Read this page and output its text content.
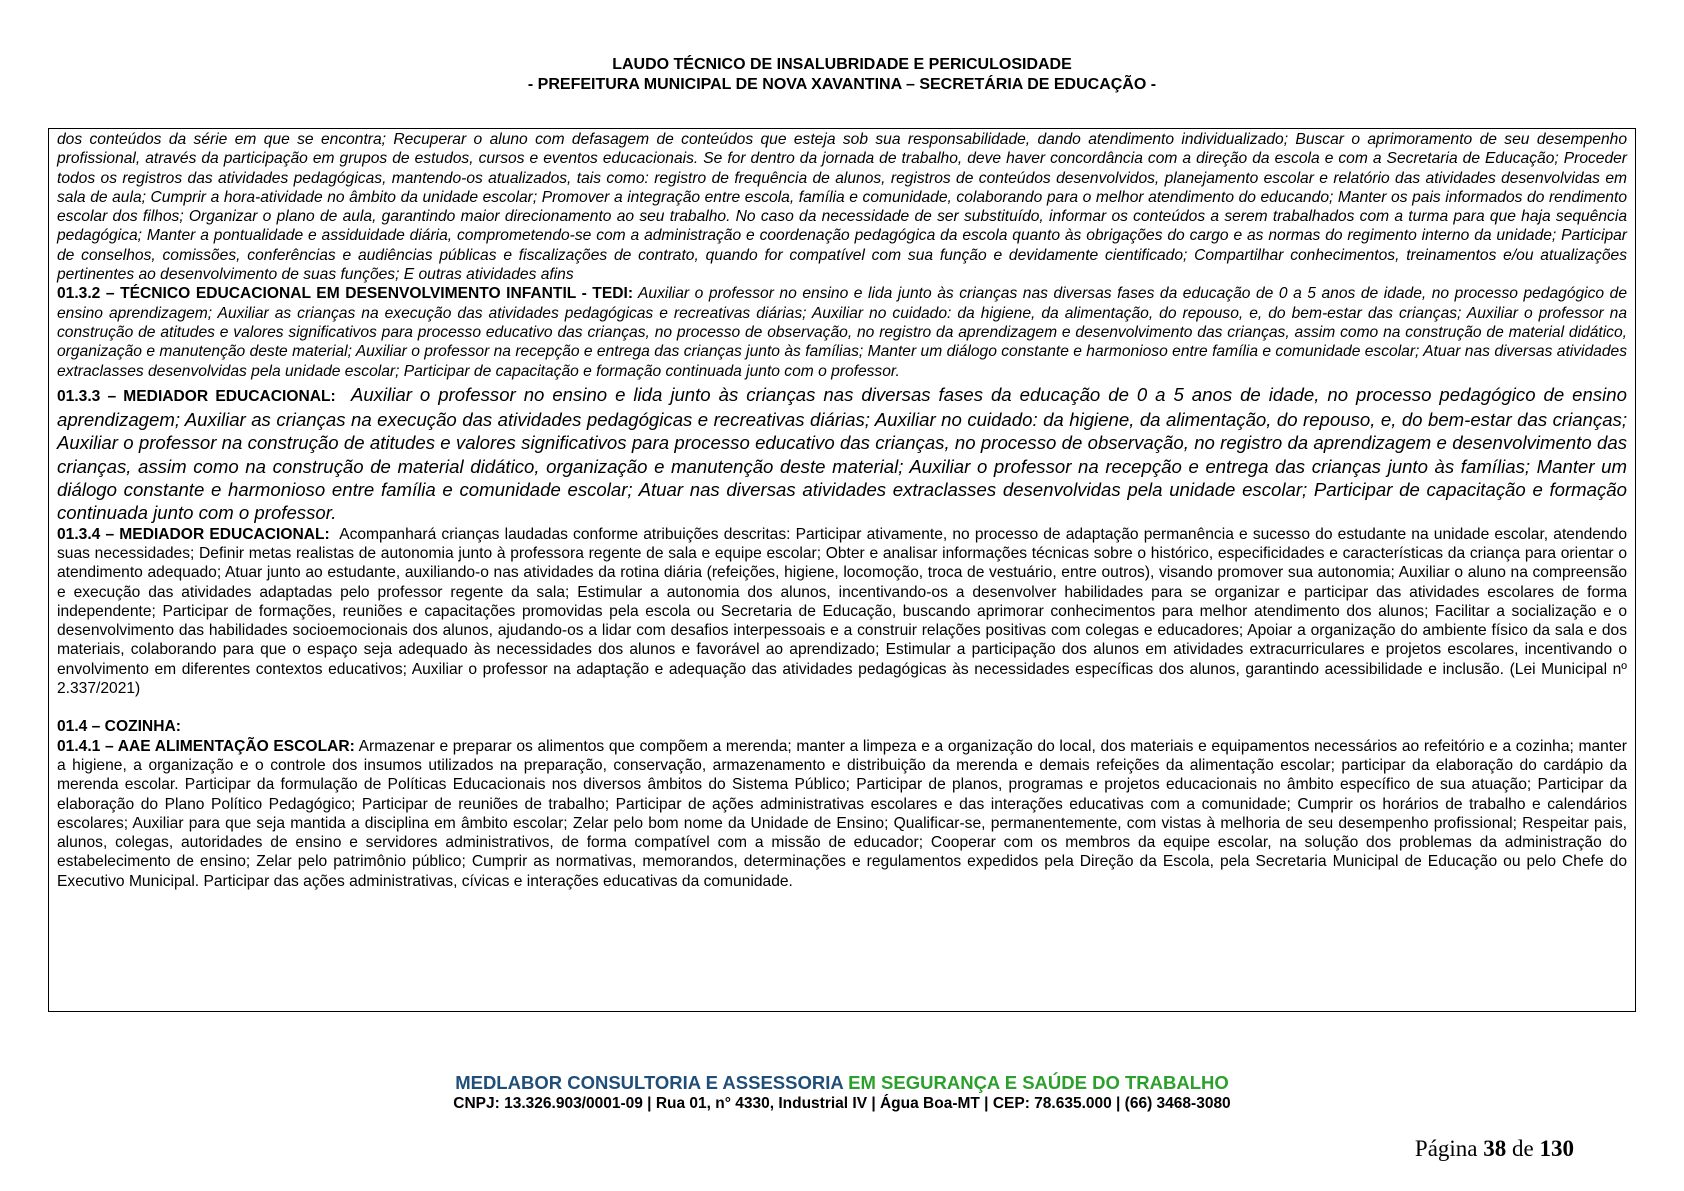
LAUDO TÉCNICO DE INSALUBRIDADE E PERICULOSIDADE
- PREFEITURA MUNICIPAL DE NOVA XAVANTINA – SECRETÁRIA DE EDUCAÇÃO -

dos conteúdos da série em que se encontra; Recuperar o aluno com defasagem de conteúdos que esteja sob sua responsabilidade, dando atendimento individualizado; Buscar o aprimoramento de seu desempenho profissional, através da participação em grupos de estudos, cursos e eventos educacionais. Se for dentro da jornada de trabalho, deve haver concordância com a direção da escola e com a Secretaria de Educação; Proceder todos os registros das atividades pedagógicas, mantendo-os atualizados, tais como: registro de frequência de alunos, registros de conteúdos desenvolvidos, planejamento escolar e relatório das atividades desenvolvidas em sala de aula; Cumprir a hora-atividade no âmbito da unidade escolar; Promover a integração entre escola, família e comunidade, colaborando para o melhor atendimento do educando; Manter os pais informados do rendimento escolar dos filhos; Organizar o plano de aula, garantindo maior direcionamento ao seu trabalho. No caso da necessidade de ser substituído, informar os conteúdos a serem trabalhados com a turma para que haja sequência pedagógica; Manter a pontualidade e assiduidade diária, comprometendo-se com a administração e coordenação pedagógica da escola quanto às obrigações do cargo e as normas do regimento interno da unidade; Participar de conselhos, comissões, conferências e audiências públicas e fiscalizações de contrato, quando for compatível com sua função e devidamente cientificado; Compartilhar conhecimentos, treinamentos e/ou atualizações pertinentes ao desenvolvimento de suas funções; E outras atividades afins

01.3.2 – TÉCNICO EDUCACIONAL EM DESENVOLVIMENTO INFANTIL - TEDI: Auxiliar o professor no ensino e lida junto às crianças nas diversas fases da educação de 0 a 5 anos de idade, no processo pedagógico de ensino aprendizagem; Auxiliar as crianças na execução das atividades pedagógicas e recreativas diárias; Auxiliar no cuidado: da higiene, da alimentação, do repouso, e, do bem-estar das crianças; Auxiliar o professor na construção de atitudes e valores significativos para processo educativo das crianças, no processo de observação, no registro da aprendizagem e desenvolvimento das crianças, assim como na construção de material didático, organização e manutenção deste material; Auxiliar o professor na recepção e entrega das crianças junto às famílias; Manter um diálogo constante e harmonioso entre família e comunidade escolar; Atuar nas diversas atividades extraclasses desenvolvidas pela unidade escolar; Participar de capacitação e formação continuada junto com o professor.

01.3.3 – MEDIADOR EDUCACIONAL: Auxiliar o professor no ensino e lida junto às crianças nas diversas fases da educação de 0 a 5 anos de idade, no processo pedagógico de ensino aprendizagem; Auxiliar as crianças na execução das atividades pedagógicas e recreativas diárias; Auxiliar no cuidado: da higiene, da alimentação, do repouso, e, do bem-estar das crianças; Auxiliar o professor na construção de atitudes e valores significativos para processo educativo das crianças, no processo de observação, no registro da aprendizagem e desenvolvimento das crianças, assim como na construção de material didático, organização e manutenção deste material; Auxiliar o professor na recepção e entrega das crianças junto às famílias; Manter um diálogo constante e harmonioso entre família e comunidade escolar; Atuar nas diversas atividades extraclasses desenvolvidas pela unidade escolar; Participar de capacitação e formação continuada junto com o professor.

01.3.4 – MEDIADOR EDUCACIONAL: Acompanhará crianças laudadas conforme atribuições descritas: Participar ativamente, no processo de adaptação permanência e sucesso do estudante na unidade escolar, atendendo suas necessidades; Definir metas realistas de autonomia junto à professora regente de sala e equipe escolar; Obter e analisar informações técnicas sobre o histórico, especificidades e características da criança para orientar o atendimento adequado; Atuar junto ao estudante, auxiliando-o nas atividades da rotina diária (refeições, higiene, locomoção, troca de vestuário, entre outros), visando promover sua autonomia; Auxiliar o aluno na compreensão e execução das atividades adaptadas pelo professor regente da sala; Estimular a autonomia dos alunos, incentivando-os a desenvolver habilidades para se organizar e participar das atividades escolares de forma independente; Participar de formações, reuniões e capacitações promovidas pela escola ou Secretaria de Educação, buscando aprimorar conhecimentos para melhor atendimento dos alunos; Facilitar a socialização e o desenvolvimento das habilidades socioemocionais dos alunos, ajudando-os a lidar com desafios interpessoais e a construir relações positivas com colegas e educadores; Apoiar a organização do ambiente físico da sala e dos materiais, colaborando para que o espaço seja adequado às necessidades dos alunos e favorável ao aprendizado; Estimular a participação dos alunos em atividades extracurriculares e projetos escolares, incentivando o envolvimento em diferentes contextos educativos; Auxiliar o professor na adaptação e adequação das atividades pedagógicas às necessidades específicas dos alunos, garantindo acessibilidade e inclusão. (Lei Municipal nº 2.337/2021)

01.4 – COZINHA:

01.4.1 – AAE ALIMENTAÇÃO ESCOLAR: Armazenar e preparar os alimentos que compõem a merenda; manter a limpeza e a organização do local, dos materiais e equipamentos necessários ao refeitório e a cozinha; manter a higiene, a organização e o controle dos insumos utilizados na preparação, conservação, armazenamento e distribuição da merenda e demais refeições da alimentação escolar; participar da elaboração do cardápio da merenda escolar. Participar da formulação de Políticas Educacionais nos diversos âmbitos do Sistema Público; Participar de planos, programas e projetos educacionais no âmbito específico de sua atuação; Participar da elaboração do Plano Político Pedagógico; Participar de reuniões de trabalho; Participar de ações administrativas escolares e das interações educativas com a comunidade; Cumprir os horários de trabalho e calendários escolares; Auxiliar para que seja mantida a disciplina em âmbito escolar; Zelar pelo bom nome da Unidade de Ensino; Qualificar-se, permanentemente, com vistas à melhoria de seu desempenho profissional; Respeitar pais, alunos, colegas, autoridades de ensino e servidores administrativos, de forma compatível com a missão de educador; Cooperar com os membros da equipe escolar, na solução dos problemas da administração do estabelecimento de ensino; Zelar pelo patrimônio público; Cumprir as normativas, memorandos, determinações e regulamentos expedidos pela Direção da Escola, pela Secretaria Municipal de Educação ou pelo Chefe do Executivo Municipal. Participar das ações administrativas, cívicas e interações educativas da comunidade.

MEDLABOR CONSULTORIA E ASSESSORIA EM SEGURANÇA E SAÚDE DO TRABALHO
CNPJ: 13.326.903/0001-09 | Rua 01, n° 4330, Industrial IV | Água Boa-MT | CEP: 78.635.000 | (66) 3468-3080
Página 38 de 130
